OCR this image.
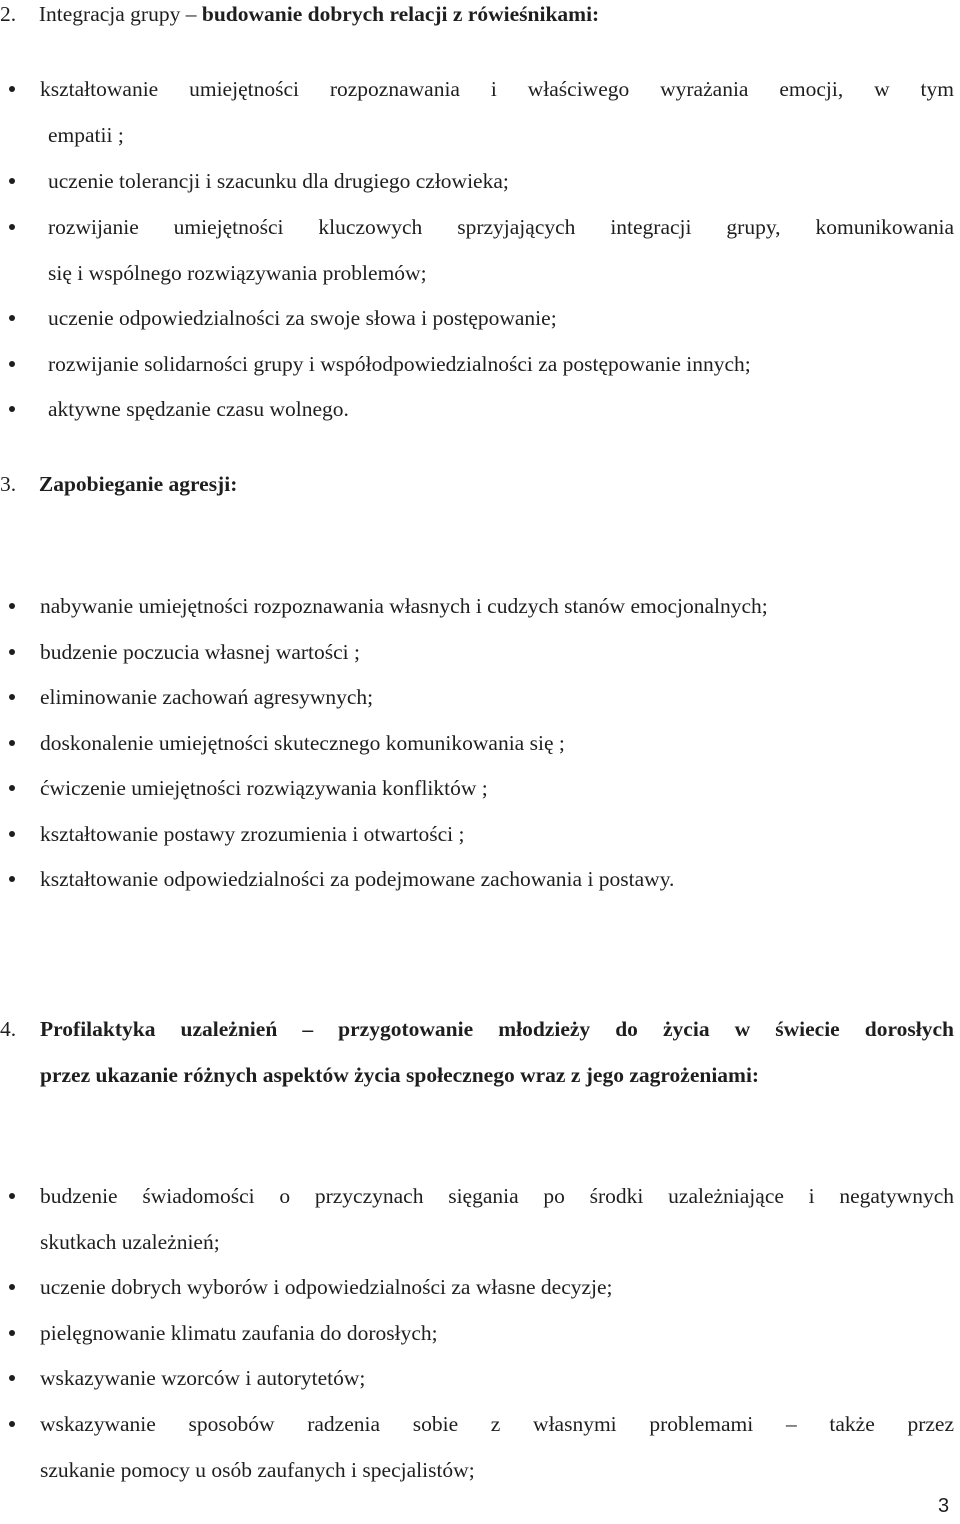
2. Integracja grupy – budowanie dobrych relacji z rówieśnikami:
kształtowanie umiejętności rozpoznawania i właściwego wyrażania emocji, w tym
empatii ;
uczenie tolerancji i szacunku dla drugiego człowieka;
rozwijanie umiejętności kluczowych sprzyjających integracji grupy, komunikowania
się i wspólnego rozwiązywania problemów;
uczenie odpowiedzialności za swoje słowa i postępowanie;
rozwijanie solidarności grupy i współodpowiedzialności za postępowanie innych;
aktywne spędzanie czasu wolnego.
3. Zapobieganie agresji:
nabywanie umiejętności rozpoznawania własnych i cudzych stanów emocjonalnych;
budzenie poczucia własnej wartości ;
eliminowanie zachowań agresywnych;
doskonalenie umiejętności skutecznego komunikowania się ;
ćwiczenie umiejętności rozwiązywania konfliktów ;
kształtowanie postawy zrozumienia i otwartości ;
kształtowanie odpowiedzialności za podejmowane zachowania i postawy.
4. Profilaktyka uzależnień – przygotowanie młodzieży do życia w świecie dorosłych
przez ukazanie różnych aspektów życia społecznego wraz z jego zagrożeniami:
budzenie świadomości o przyczynach sięgania po środki uzależniające i negatywnych
skutkach uzależnień;
uczenie dobrych wyborów i odpowiedzialności za własne decyzje;
pielęgnowanie klimatu zaufania do dorosłych;
wskazywanie wzorców i autorytetów;
wskazywanie sposobów radzenia sobie z własnymi problemami – także przez
szukanie pomocy u osób zaufanych i specjalistów;
3
